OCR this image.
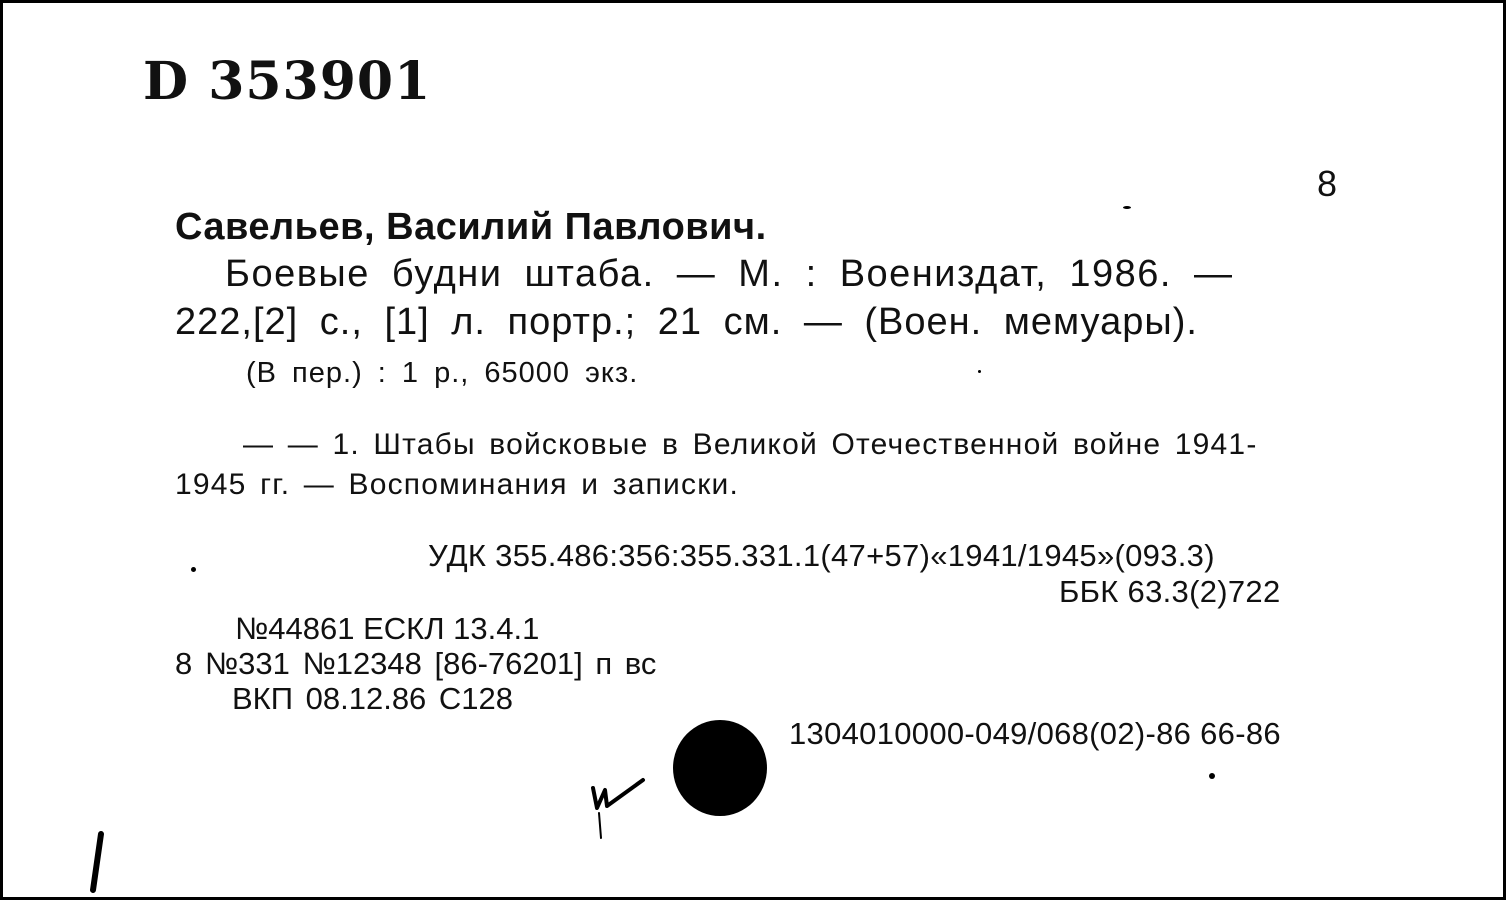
D 353901
8
Савельев, Василий Павлович.
Боевые будни штаба. — М. : Воениздат, 1986. —
222,[2] с., [1] л. портр.; 21 см. — (Воен. мемуары).
(В пер.) : 1 р., 65000 экз.
— — 1. Штабы войсковые в Великой Отечественной войне 1941-
1945 гг. — Воспоминания и записки.
УДК 355.486:356:355.331.1(47+57)«1941/1945»(093.3)
ББК 63.3(2)722
№44861 ЕСКЛ 13.4.1
8 №331 №12348 [86-76201] п вс
ВКП 08.12.86 С128
1304010000-049/068(02)-86 66-86
